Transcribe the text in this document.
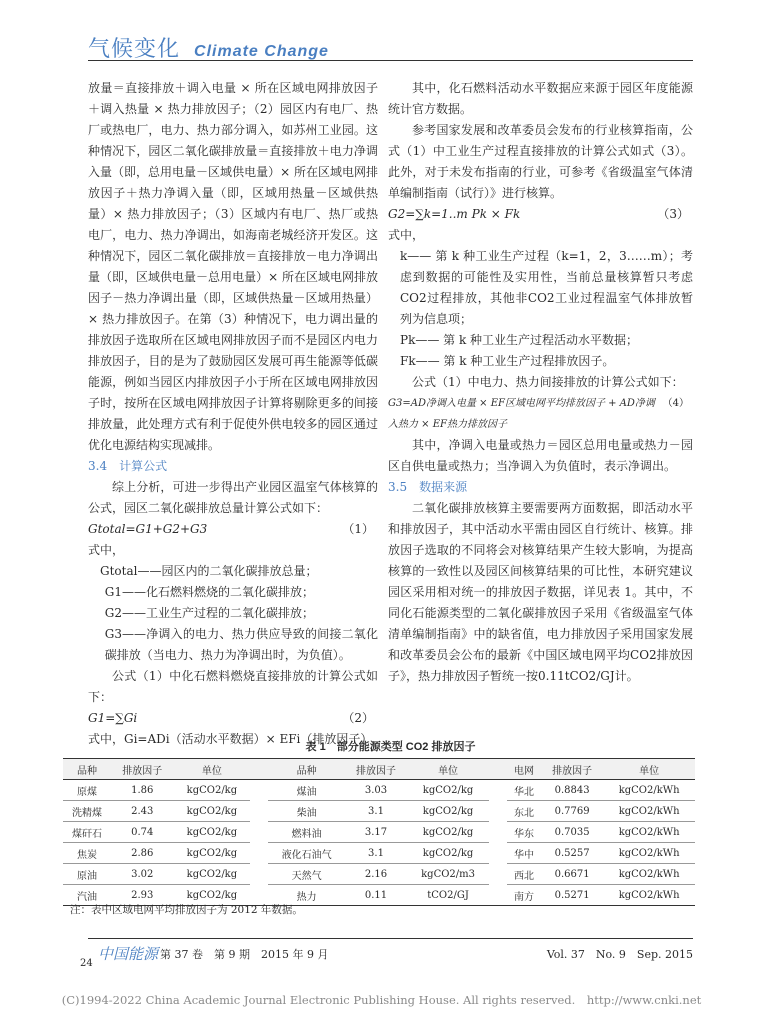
气候变化 Climate Change

放量＝直接排放＋调入电量 × 所在区域电网排放因子＋调入热量 × 热力排放因子；（2）园区内有电厂、热厂或热电厂，电力、热力部分调入，如苏州工业园。这种情况下，园区二氧化碳排放量＝直接排放＋电力净调入量（即，总用电量－区域供电量）× 所在区域电网排放因子＋热力净调入量（即，区域用热量－区域供热量）× 热力排放因子；（3）区域内有电厂、热厂或热电厂，电力、热力净调出，如海南老城经济开发区。这种情况下，园区二氧化碳排放＝直接排放－电力净调出量（即，区域供电量－总用电量）× 所在区域电网排放因子－热力净调出量（即，区域供热量－区域用热量）× 热力排放因子。在第（3）种情况下，电力调出量的排放因子选取所在区域电网排放因子而不是园区内电力排放因子，目的是为了鼓励园区发展可再生能源等低碳能源，例如当园区内排放因子小于所在区域电网排放因子时，按所在区域电网排放因子计算将剔除更多的间接排放量，此处理方式有利于促使外供电较多的园区通过优化电源结构实现减排。

3.4　计算公式

综上分析，可进一步得出产业园区温室气体核算的公式，园区二氧化碳排放总量计算公式如下：

Gtotal=G1+G2+G3	（1）

式中，

Gtotal——园区内的二氧化碳排放总量；

G1——化石燃料燃烧的二氧化碳排放；

G2——工业生产过程的二氧化碳排放；

G3——净调入的电力、热力供应导致的间接二氧化碳排放（当电力、热力为净调出时，为负值）。

公式（1）中化石燃料燃烧直接排放的计算公式如下：

G1=∑Gi	（2）

式中，Gi=ADi（活动水平数据）× EFi（排放因子）

其中，化石燃料活动水平数据应来源于园区年度能源统计官方数据。

参考国家发展和改革委员会发布的行业核算指南，公式（1）中工业生产过程直接排放的计算公式如式（3）。此外，对于未发布指南的行业，可参考《省级温室气体清单编制指南（试行）》进行核算。

G2=∑k=1..m Pk × Fk	（3）

式中，

k—— 第 k 种工业生产过程（k=1，2，3……m）；考虑到数据的可能性及实用性，当前总量核算暂只考虑CO2过程排放，其他非CO2工业过程温室气体排放暂列为信息项；

Pk—— 第 k 种工业生产过程活动水平数据；

Fk—— 第 k 种工业生产过程排放因子。

公式（1）中电力、热力间接排放的计算公式如下：

G3=AD净调入电量 × EF区域电网平均排放因子 + AD净调入热力 × EF热力排放因子
（4）

其中，净调入电量或热力＝园区总用电量或热力－园区自供电量或热力；当净调入为负值时，表示净调出。

3.5　数据来源

二氧化碳排放核算主要需要两方面数据，即活动水平和排放因子，其中活动水平需由园区自行统计、核算。排放因子选取的不同将会对核算结果产生较大影响，为提高核算的一致性以及园区间核算结果的可比性，本研究建议园区采用相对统一的排放因子数据，详见表 1。其中，不同化石能源类型的二氧化碳排放因子采用《省级温室气体清单编制指南》中的缺省值，电力排放因子采用国家发展和改革委员会公布的最新《中国区域电网平均CO2排放因子》，热力排放因子暂统一按0.11tCO2/GJ计。

表 1　部分能源类型 CO2 排放因子
品种	排放因子	单位		品种	排放因子	单位		电网	排放因子	单位
原煤	1.86	kgCO2/kg		煤油	3.03	kgCO2/kg		华北	0.8843	kgCO2/kWh
洗精煤	2.43	kgCO2/kg		柴油	3.1	kgCO2/kg		东北	0.7769	kgCO2/kWh
煤矸石	0.74	kgCO2/kg		燃料油	3.17	kgCO2/kg		华东	0.7035	kgCO2/kWh
焦炭	2.86	kgCO2/kg		液化石油气	3.1	kgCO2/kg		华中	0.5257	kgCO2/kWh
原油	3.02	kgCO2/kg		天然气	2.16	kgCO2/m3		西北	0.6671	kgCO2/kWh
汽油	2.93	kgCO2/kg		热力	0.11	tCO2/GJ		南方	0.5271	kgCO2/kWh
注：表中区域电网平均排放因子为 2012 年数据。
中国能源 第 37 卷　第 9 期　2015 年 9 月	Vol. 37　No. 9　Sep. 2015
24
(C)1994-2022 China Academic Journal Electronic Publishing House. All rights reserved.　http://www.cnki.net
